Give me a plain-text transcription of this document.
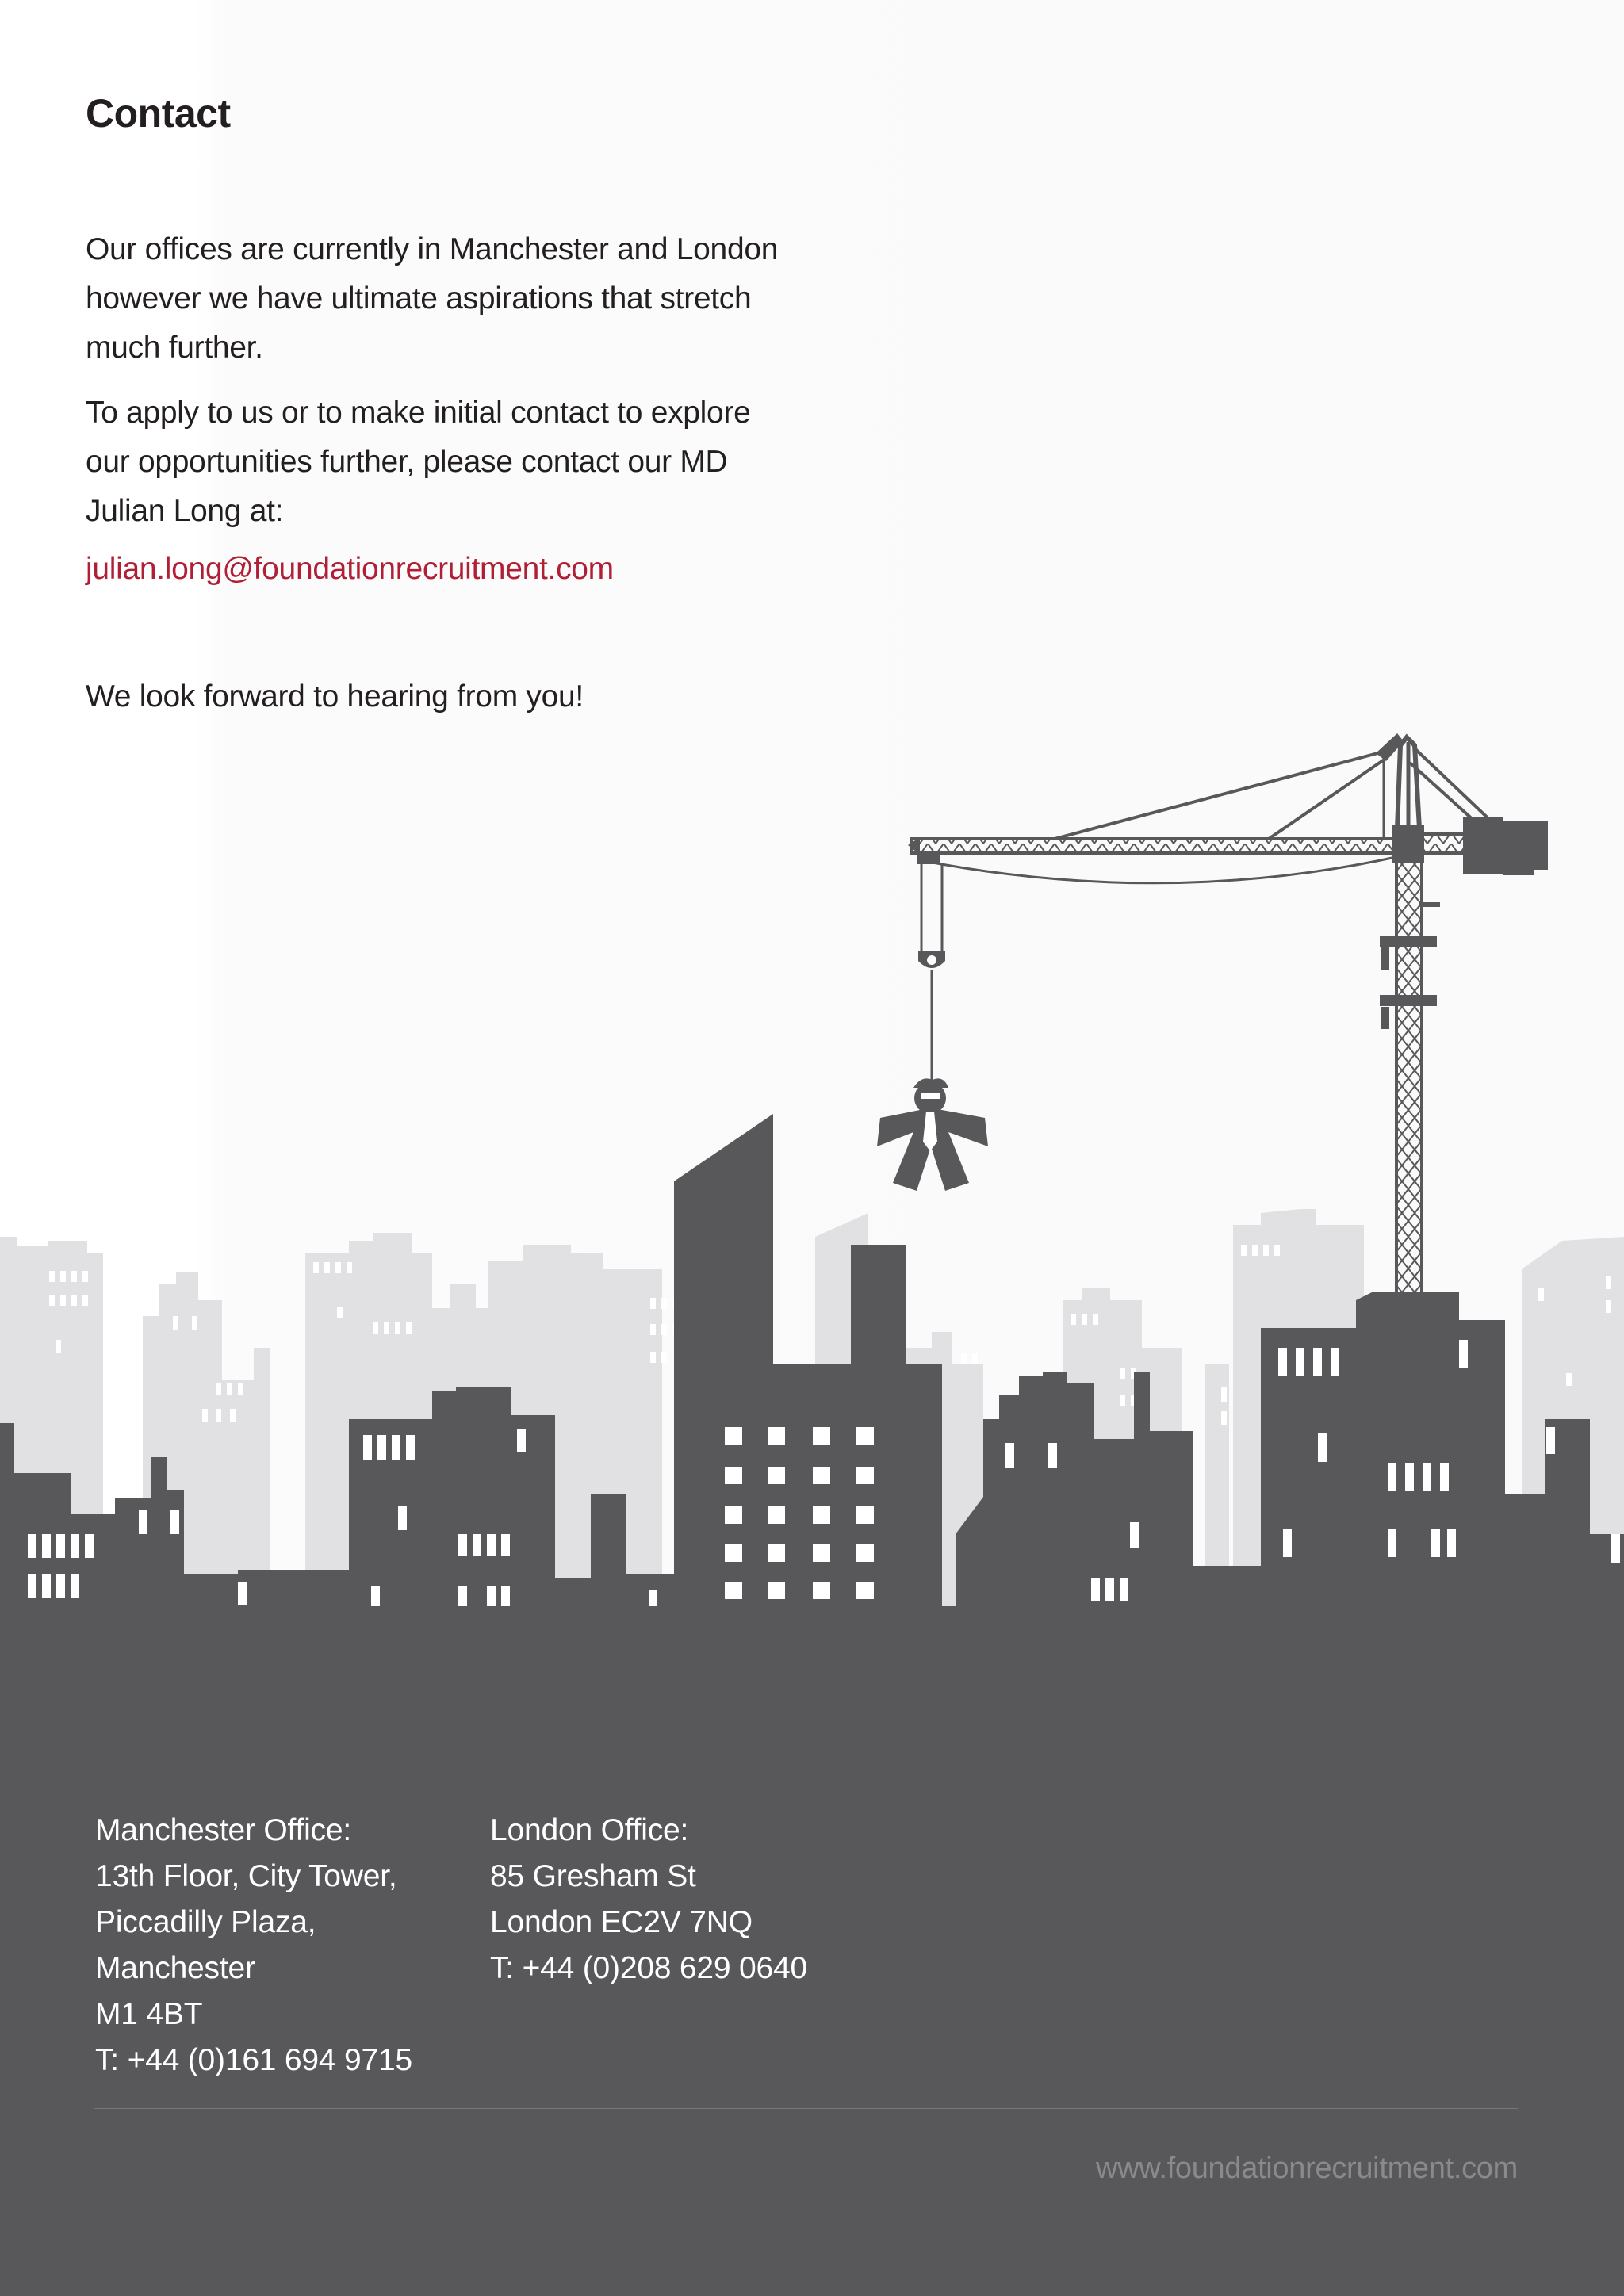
Contact

Our offices are currently in Manchester and London however we have ultimate aspirations that stretch much further.

To apply to us or to make initial contact to explore our opportunities further, please contact our MD Julian Long at:

julian.long@foundationrecruitment.com

We look forward to hearing from you!

Manchester Office:
13th Floor, City Tower,
Piccadilly Plaza,
Manchester
M1 4BT
T: +44 (0)161 694 9715
London Office:
85 Gresham St
London EC2V 7NQ
T: +44 (0)208 629 0640
www.foundationrecruitment.com
